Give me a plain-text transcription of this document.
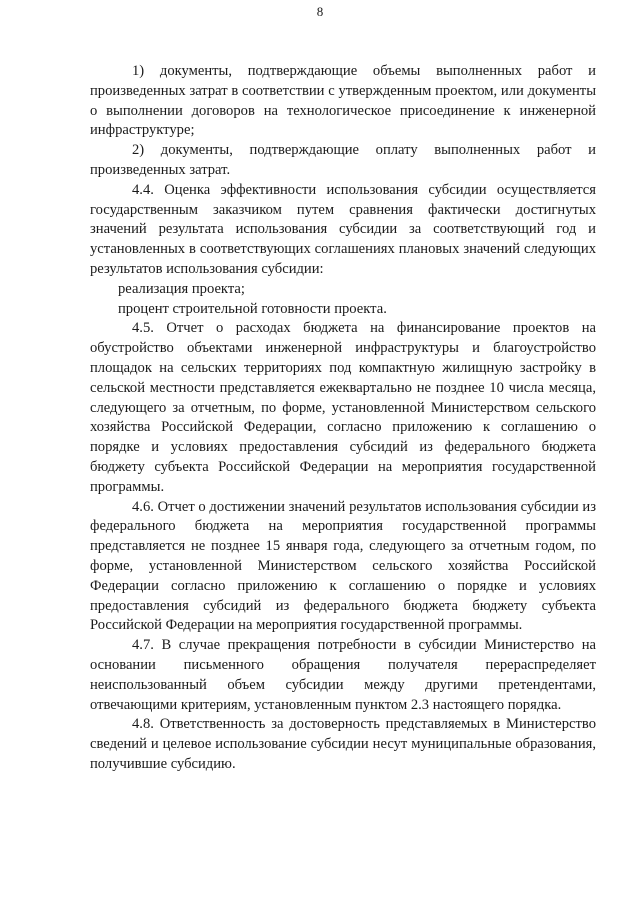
8

1) документы, подтверждающие объемы выполненных работ и произведенных затрат в соответствии с утвержденным проектом, или документы о выполнении договоров на технологическое присоединение к инженерной инфраструктуре;

2) документы, подтверждающие оплату выполненных работ и произведенных затрат.

4.4. Оценка эффективности использования субсидии осуществляется государственным заказчиком путем сравнения фактически достигнутых значений результата использования субсидии за соответствующий год и установленных в соответствующих соглашениях плановых значений следующих результатов использования субсидии:

реализация проекта;

процент строительной готовности проекта.

4.5. Отчет о расходах бюджета на финансирование проектов на обустройство объектами инженерной инфраструктуры и благоустройство площадок на сельских территориях под компактную жилищную застройку в сельской местности представляется ежеквартально не позднее 10 числа месяца, следующего за отчетным, по форме, установленной Министерством сельского хозяйства Российской Федерации, согласно приложению к соглашению о порядке и условиях предоставления субсидий из федерального бюджета бюджету субъекта Российской Федерации на мероприятия государственной программы.

4.6. Отчет о достижении значений результатов использования субсидии из федерального бюджета на мероприятия государственной программы представляется не позднее 15 января года, следующего за отчетным годом, по форме, установленной Министерством сельского хозяйства Российской Федерации согласно приложению к соглашению о порядке и условиях предоставления субсидий из федерального бюджета бюджету субъекта Российской Федерации на мероприятия государственной программы.

4.7. В случае прекращения потребности в субсидии Министерство на основании письменного обращения получателя перераспределяет неиспользованный объем субсидии между другими претендентами, отвечающими критериям, установленным пунктом 2.3 настоящего порядка.

4.8. Ответственность за достоверность представляемых в Министерство сведений и целевое использование субсидии несут муниципальные образования, получившие субсидию.
